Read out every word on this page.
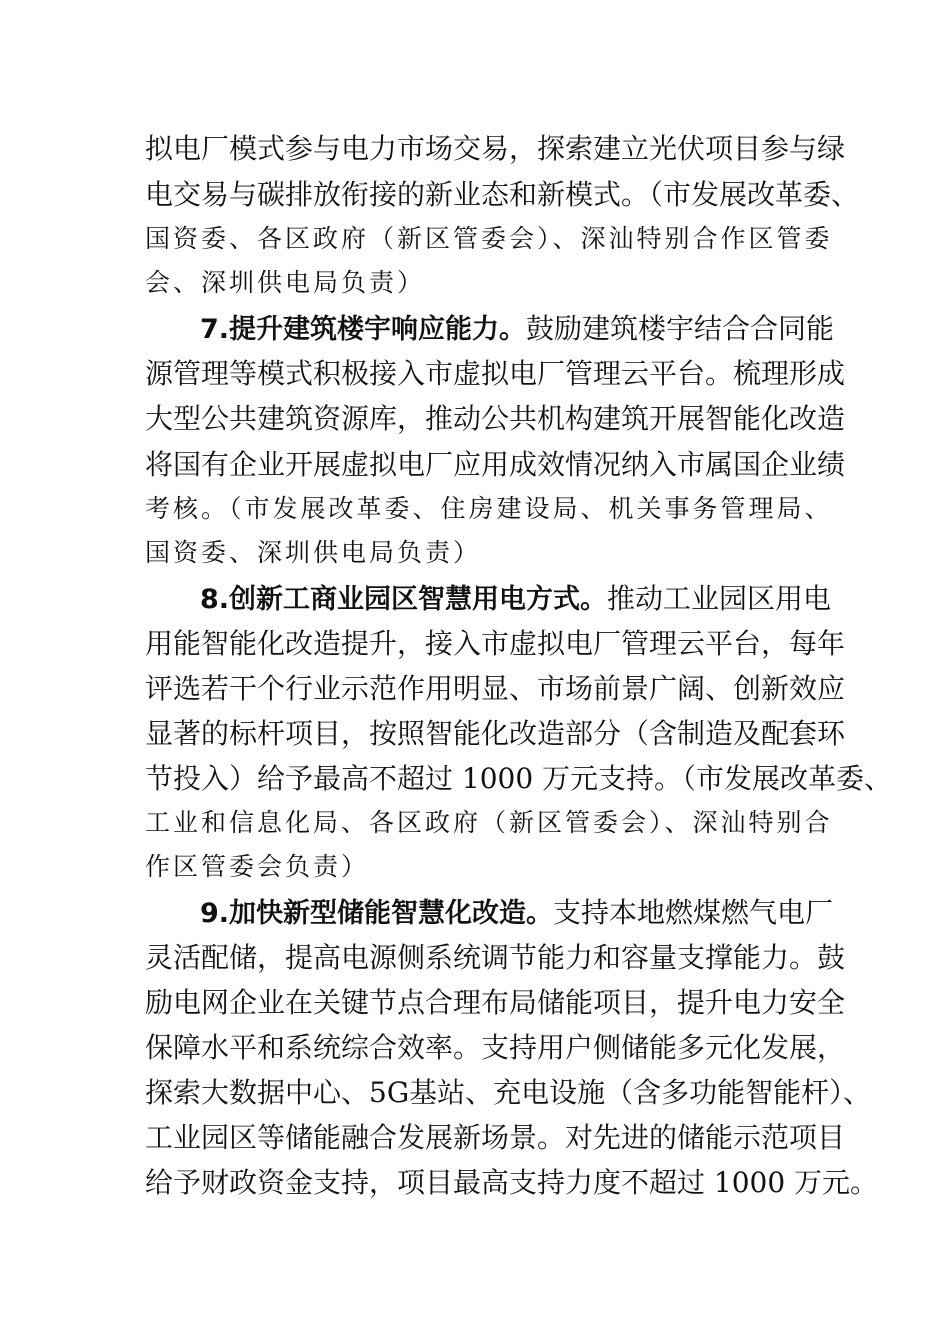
拟电厂模式参与电力市场交易，探索建立光伏项目参与绿
电交易与碳排放衔接的新业态和新模式。（市发展改革委、
国资委、各区政府（新区管委会）、深汕特别合作区管委
会、深圳供电局负责）
7.提升建筑楼宇响应能力。鼓励建筑楼宇结合合同能
源管理等模式积极接入市虚拟电厂管理云平台。梳理形成
大型公共建筑资源库，推动公共机构建筑开展智能化改造
将国有企业开展虚拟电厂应用成效情况纳入市属国企业绩
考核。（市发展改革委、住房建设局、机关事务管理局、
国资委、深圳供电局负责）
8.创新工商业园区智慧用电方式。推动工业园区用电
用能智能化改造提升，接入市虚拟电厂管理云平台，每年
评选若干个行业示范作用明显、市场前景广阔、创新效应
显著的标杆项目，按照智能化改造部分（含制造及配套环
节投入）给予最高不超过 1000 万元支持。（市发展改革委、
工业和信息化局、各区政府（新区管委会）、深汕特别合
作区管委会负责）
9.加快新型储能智慧化改造。支持本地燃煤燃气电厂
灵活配储，提高电源侧系统调节能力和容量支撑能力。鼓
励电网企业在关键节点合理布局储能项目，提升电力安全
保障水平和系统综合效率。支持用户侧储能多元化发展，
探索大数据中心、5G基站、充电设施（含多功能智能杆）、
工业园区等储能融合发展新场景。对先进的储能示范项目
给予财政资金支持，项目最高支持力度不超过 1000 万元。
